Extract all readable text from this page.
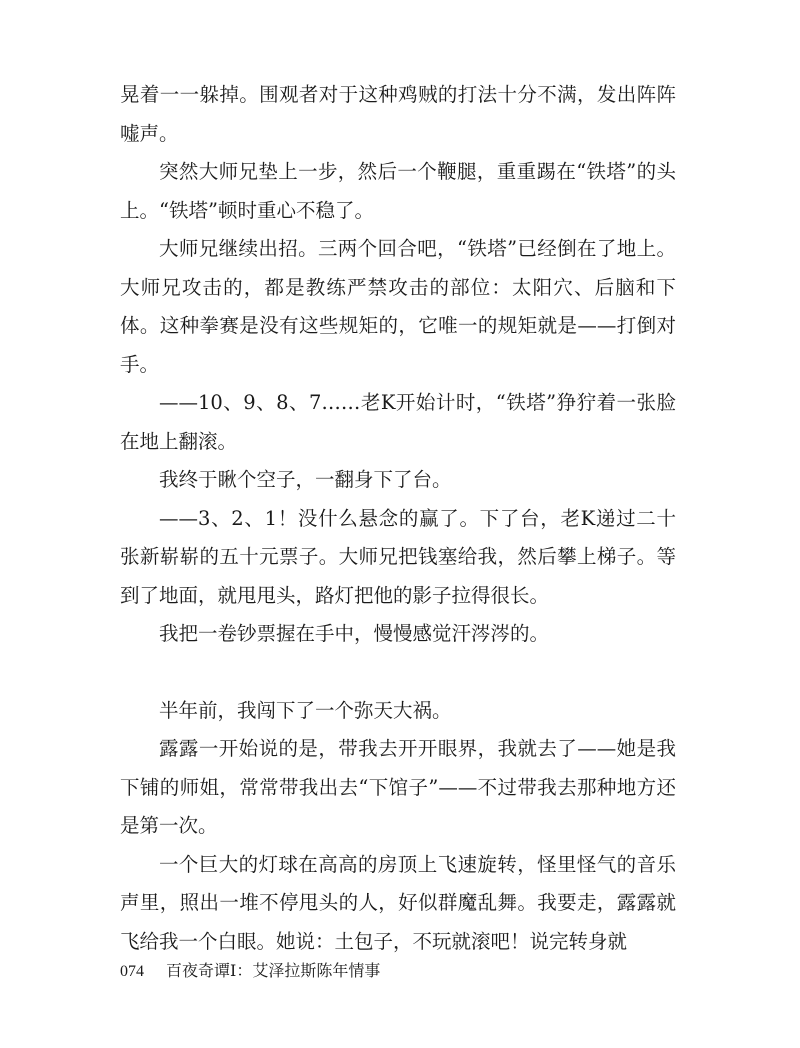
晃着一一躲掉。围观者对于这种鸡贼的打法十分不满，发出阵阵嘘声。

突然大师兄垫上一步，然后一个鞭腿，重重踢在“铁塔”的头上。“铁塔”顿时重心不稳了。

大师兄继续出招。三两个回合吧，“铁塔”已经倒在了地上。大师兄攻击的，都是教练严禁攻击的部位：太阳穴、后脑和下体。这种拳赛是没有这些规矩的，它唯一的规矩就是——打倒对手。

——10、9、8、7……老K开始计时，“铁塔”狰狞着一张脸在地上翻滚。

我终于瞅个空子，一翻身下了台。

——3、2、1！没什么悬念的赢了。下了台，老K递过二十张新崭崭的五十元票子。大师兄把钱塞给我，然后攀上梯子。等到了地面，就甩甩头，路灯把他的影子拉得很长。

我把一卷钞票握在手中，慢慢感觉汗涔涔的。

半年前，我闯下了一个弥天大祸。

露露一开始说的是，带我去开开眼界，我就去了——她是我下铺的师姐，常常带我出去“下馆子”——不过带我去那种地方还是第一次。

一个巨大的灯球在高高的房顶上飞速旋转，怪里怪气的音乐声里，照出一堆不停甩头的人，好似群魔乱舞。我要走，露露就飞给我一个白眼。她说：土包子，不玩就滚吧！说完转身就

074 百夜奇谭Ⅰ：艾泽拉斯陈年情事
